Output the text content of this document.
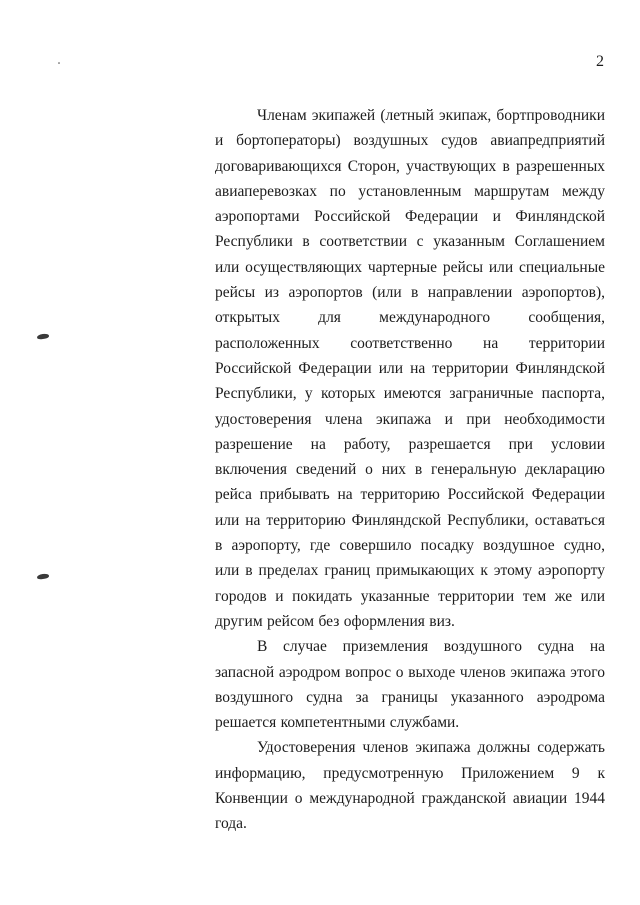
2

Членам экипажей (летный экипаж, бортпроводники и бортоператоры) воздушных судов авиапредприятий договаривающихся Сторон, участвующих в разрешенных авиаперевозках по установленным маршрутам между аэропортами Российской Федерации и Финляндской Республики в соответствии с указанным Соглашением или осуществляющих чартерные рейсы или специальные рейсы из аэропортов (или в направлении аэропортов), открытых для международного сообщения, расположенных соответственно на территории Российской Федерации или на территории Финляндской Республики, у которых имеются заграничные паспорта, удостоверения члена экипажа и при необходимости разрешение на работу, разрешается при условии включения сведений о них в генеральную декларацию рейса прибывать на территорию Российской Федерации или на территорию Финляндской Республики, оставаться в аэропорту, где совершило посадку воздушное судно, или в пределах границ примыкающих к этому аэропорту городов и покидать указанные территории тем же или другим рейсом без оформления виз.

В случае приземления воздушного судна на запасной аэродром вопрос о выходе членов экипажа этого воздушного судна за границы указанного аэродрома решается компетентными службами.

Удостоверения членов экипажа должны содержать информацию, предусмотренную Приложением 9 к Конвенции о международной гражданской авиации 1944 года.
